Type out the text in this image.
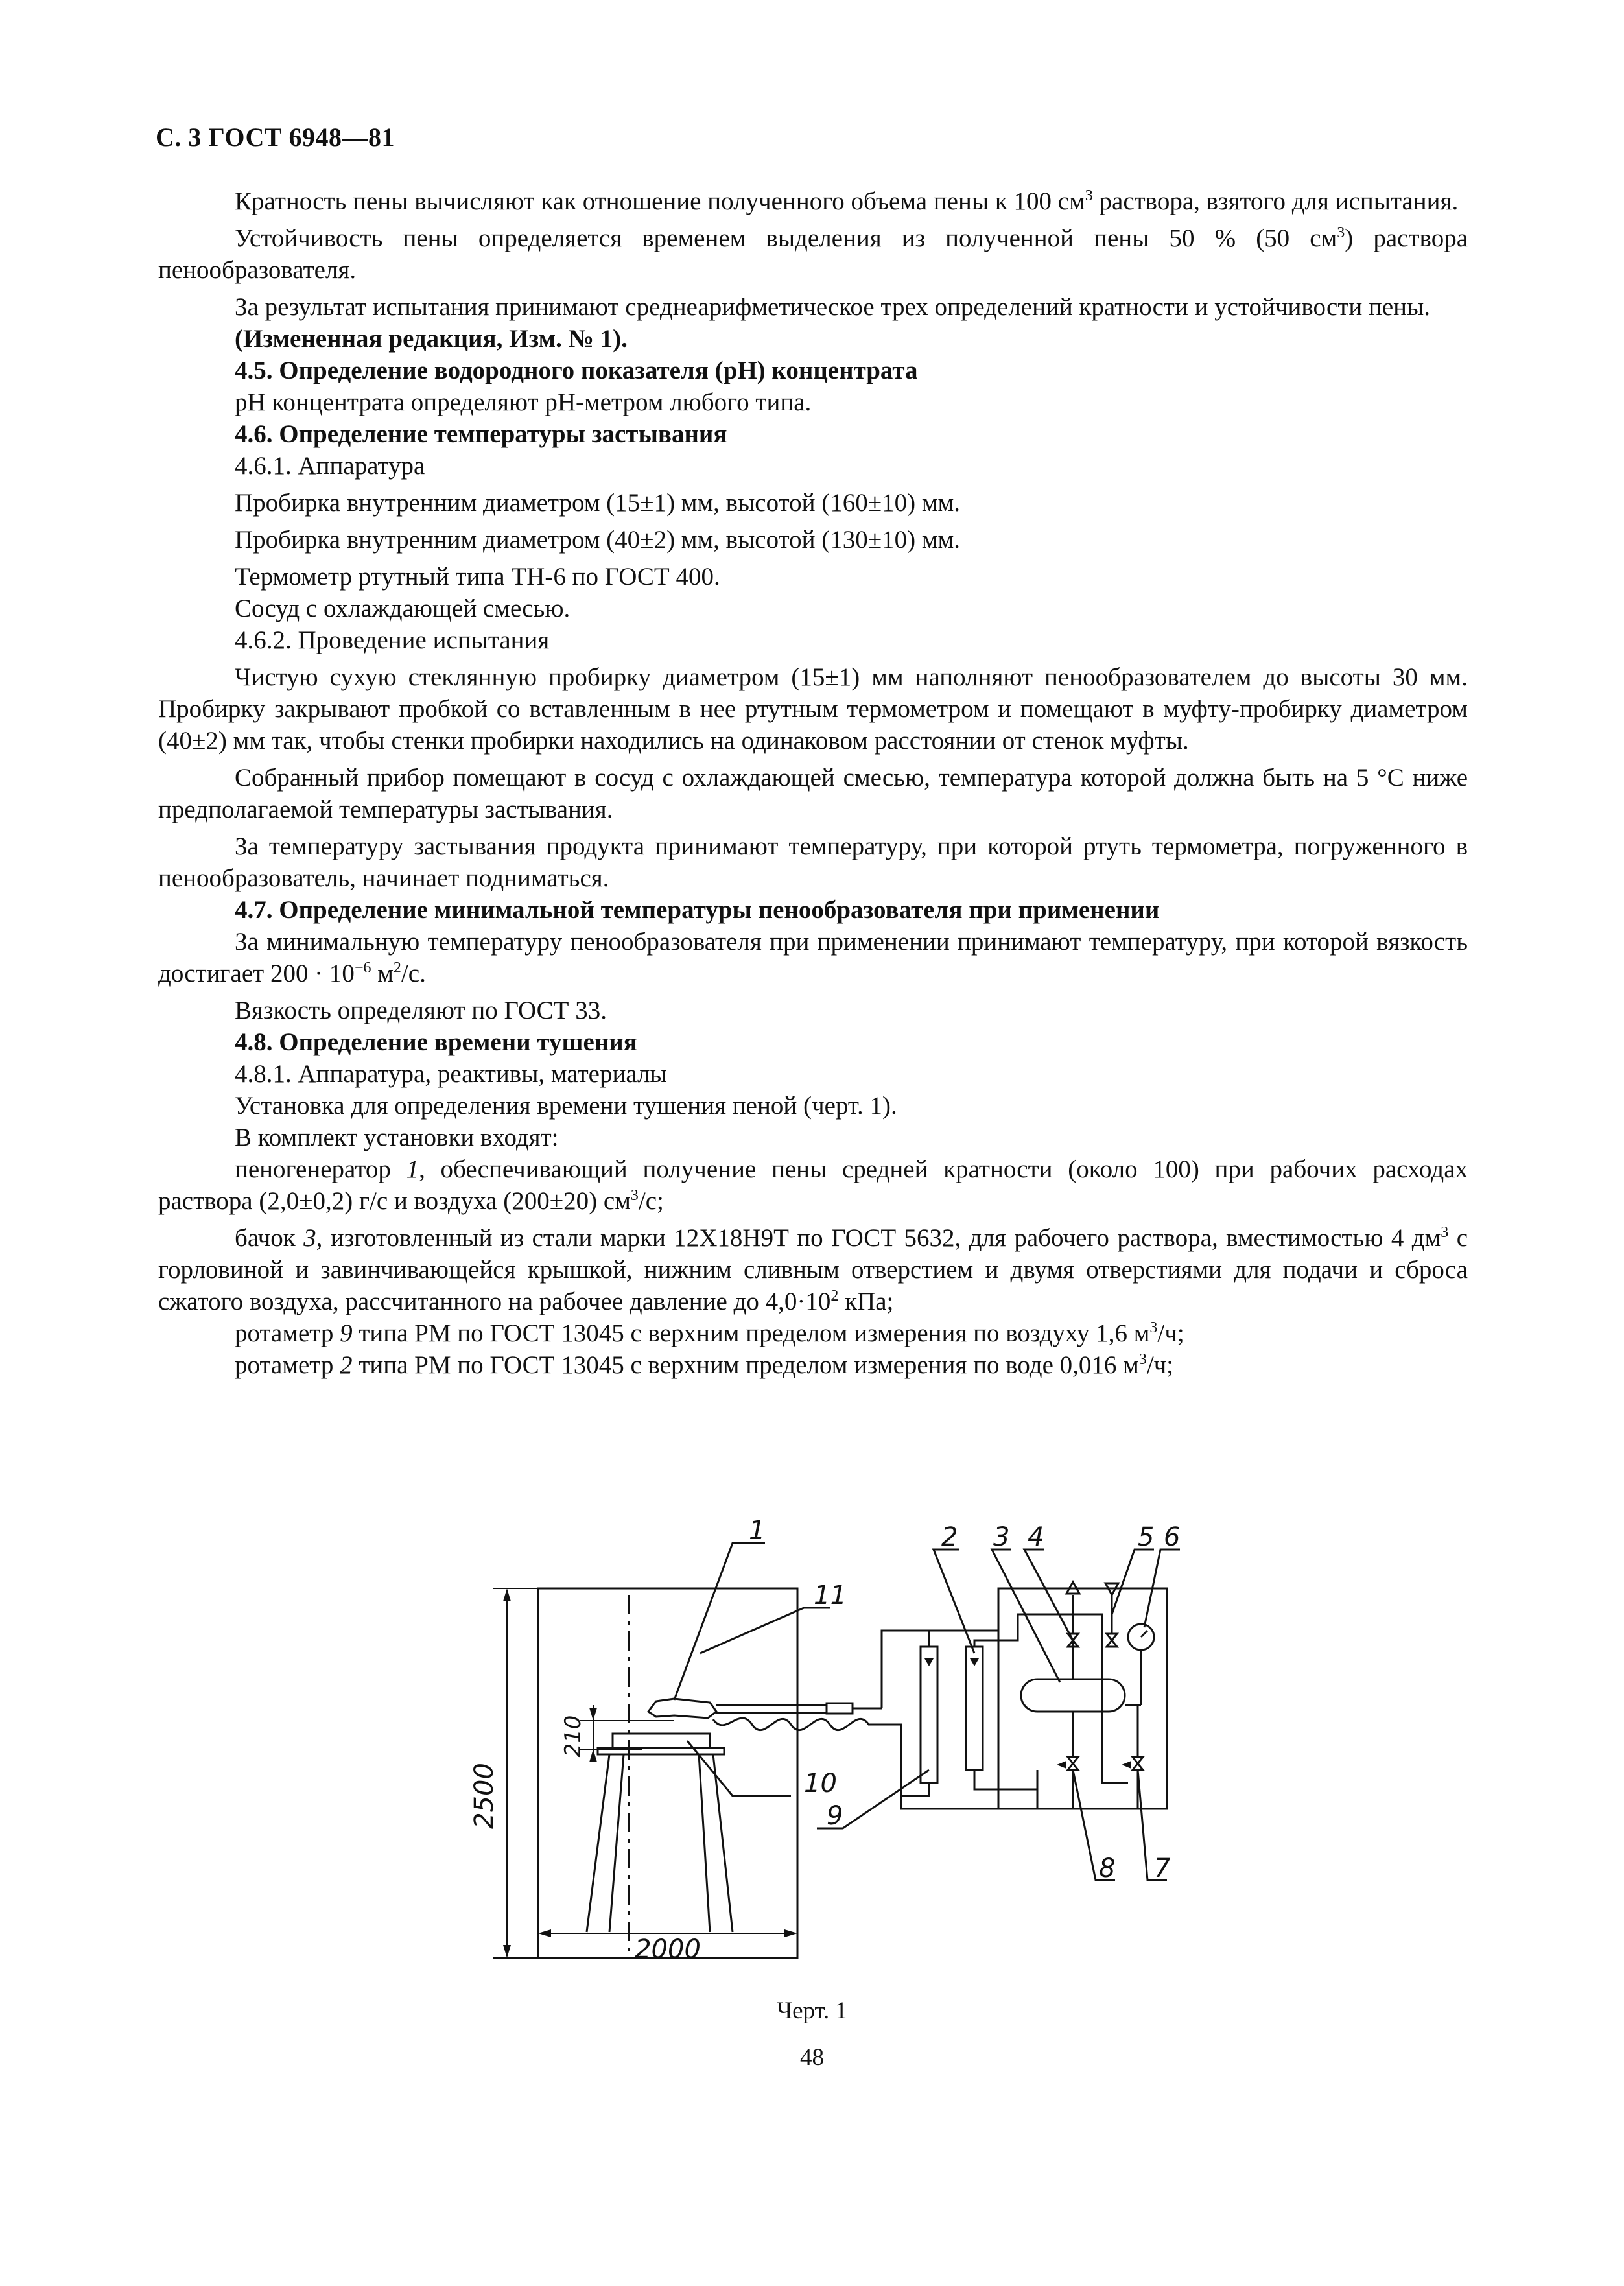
С. 3 ГОСТ 6948—81

Кратность пены вычисляют как отношение полученного объема пены к 100 $см^3$ раствора, взятого для испытания.

Устойчивость пены определяется временем выделения из полученной пены 50 % (50 $см^3$) раствора пенообразователя.

За результат испытания принимают среднеарифметическое трех определений кратности и устойчивости пены.

(Измененная редакция, Изм. № 1).

4.5. Определение водородного показателя (pH) концентрата

pH концентрата определяют pH-метром любого типа.

4.6. Определение температуры застывания

4.6.1. Аппаратура

Пробирка внутренним диаметром (15±1) мм, высотой (160±10) мм.

Пробирка внутренним диаметром (40±2) мм, высотой (130±10) мм.

Термометр ртутный типа ТН-6 по ГОСТ 400.

Сосуд с охлаждающей смесью.

4.6.2. Проведение испытания

Чистую сухую стеклянную пробирку диаметром (15±1) мм наполняют пенообразователем до высоты 30 мм. Пробирку закрывают пробкой со вставленным в нее ртутным термометром и помещают в муфту-пробирку диаметром (40±2) мм так, чтобы стенки пробирки находились на одинаковом расстоянии от стенок муфты.

Собранный прибор помещают в сосуд с охлаждающей смесью, температура которой должна быть на 5 °С ниже предполагаемой температуры застывания.

За температуру застывания продукта принимают температуру, при которой ртуть термометра, погруженного в пенообразователь, начинает подниматься.

4.7. Определение минимальной температуры пенообразователя при применении

За минимальную температуру пенообразователя при применении принимают температуру, при которой вязкость достигает $200 \cdot 10^{-6}$ $м^2/с$.

Вязкость определяют по ГОСТ 33.

4.8. Определение времени тушения

4.8.1. Аппаратура, реактивы, материалы

Установка для определения времени тушения пеной (черт. 1).

В комплект установки входят:

пеногенератор 1, обеспечивающий получение пены средней кратности (около 100) при рабочих расходах раствора (2,0±0,2) г/с и воздуха (200±20) $см^3/с$;

бачок 3, изготовленный из стали марки 12Х18Н9Т по ГОСТ 5632, для рабочего раствора, вместимостью 4 $дм^3$ с горловиной и завинчивающейся крышкой, нижним сливным отверстием и двумя отверстиями для подачи и сброса сжатого воздуха, рассчитанного на рабочее давление до $4,0\cdot 10^2$ кПа;

ротаметр 9 типа РМ по ГОСТ 13045 с верхним пределом измерения по воздуху 1,6 $м^3/ч$;

ротаметр 2 типа РМ по ГОСТ 13045 с верхним пределом измерения по воде 0,016 $м^3/ч$;

1	2 3 4	5 6
7
8
9
10
11
2500
2000
210
Черт. 1
48
